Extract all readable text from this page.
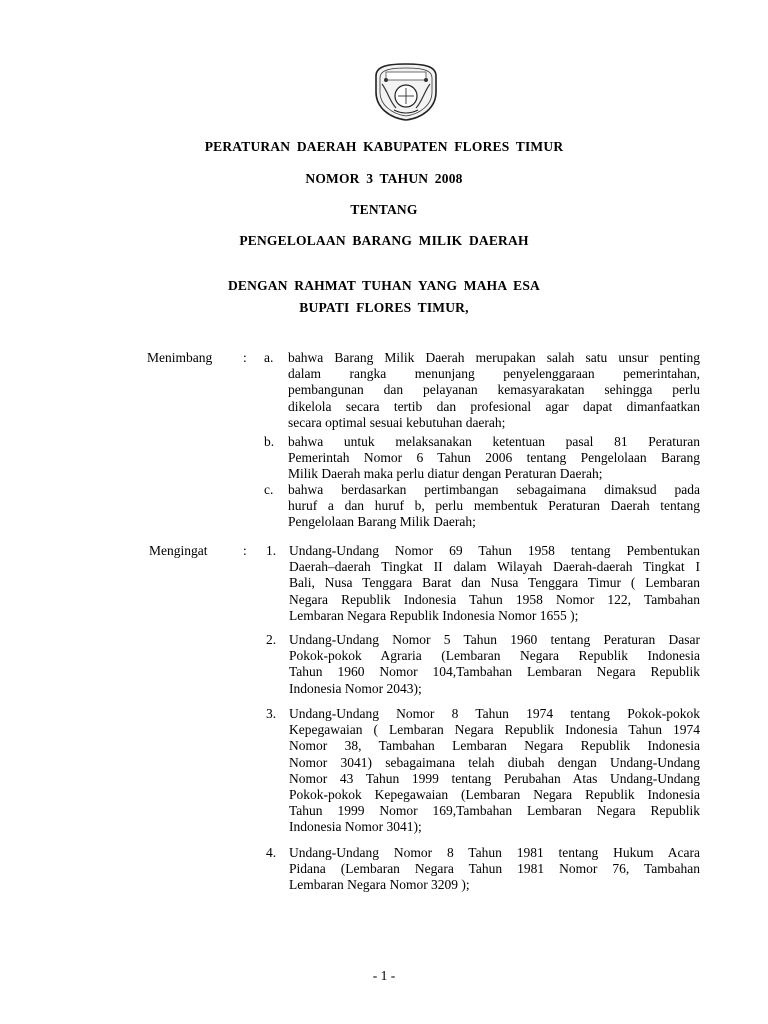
PERATURAN DAERAH KABUPATEN FLORES TIMUR
NOMOR 3 TAHUN 2008
TENTANG
PENGELOLAAN BARANG MILIK DAERAH
DENGAN RAHMAT TUHAN YANG MAHA ESA
BUPATI FLORES TIMUR,
Menimbang : a. bahwa Barang Milik Daerah merupakan salah satu unsur penting
dalam rangka menunjang penyelenggaraan pemerintahan,
pembangunan dan pelayanan kemasyarakatan sehingga perlu
dikelola secara tertib dan profesional agar dapat dimanfaatkan
secara optimal sesuai kebutuhan daerah;
b. bahwa untuk melaksanakan ketentuan pasal 81 Peraturan
Pemerintah Nomor 6 Tahun 2006 tentang Pengelolaan Barang
Milik Daerah maka perlu diatur dengan Peraturan Daerah;
c. bahwa berdasarkan pertimbangan sebagaimana dimaksud pada
huruf a dan huruf b, perlu membentuk Peraturan Daerah tentang
Pengelolaan Barang Milik Daerah;
Mengingat	: 1. Undang-Undang Nomor 69 Tahun 1958 tentang Pembentukan
Daerah–daerah Tingkat II dalam Wilayah Daerah-daerah Tingkat I
Bali, Nusa Tenggara Barat dan Nusa Tenggara Timur ( Lembaran
Negara Republik Indonesia Tahun 1958 Nomor 122, Tambahan
Lembaran Negara Republik Indonesia Nomor 1655 );
2. Undang-Undang Nomor 5 Tahun 1960 tentang Peraturan Dasar
Pokok-pokok Agraria (Lembaran Negara Republik Indonesia
Tahun 1960 Nomor 104,Tambahan Lembaran Negara Republik
Indonesia Nomor 2043);
3. Undang-Undang Nomor 8 Tahun 1974 tentang Pokok-pokok
Kepegawaian ( Lembaran Negara Republik Indonesia Tahun 1974
Nomor 38, Tambahan Lembaran Negara Republik Indonesia
Nomor 3041) sebagaimana telah diubah dengan Undang-Undang
Nomor 43 Tahun 1999 tentang Perubahan Atas Undang-Undang
Pokok-pokok Kepegawaian (Lembaran Negara Republik Indonesia
Tahun 1999 Nomor 169,Tambahan Lembaran Negara Republik
Indonesia Nomor 3041);
4. Undang-Undang Nomor 8 Tahun 1981 tentang Hukum Acara
Pidana (Lembaran Negara Tahun 1981 Nomor 76, Tambahan
Lembaran Negara Nomor 3209 );
- 1 -
